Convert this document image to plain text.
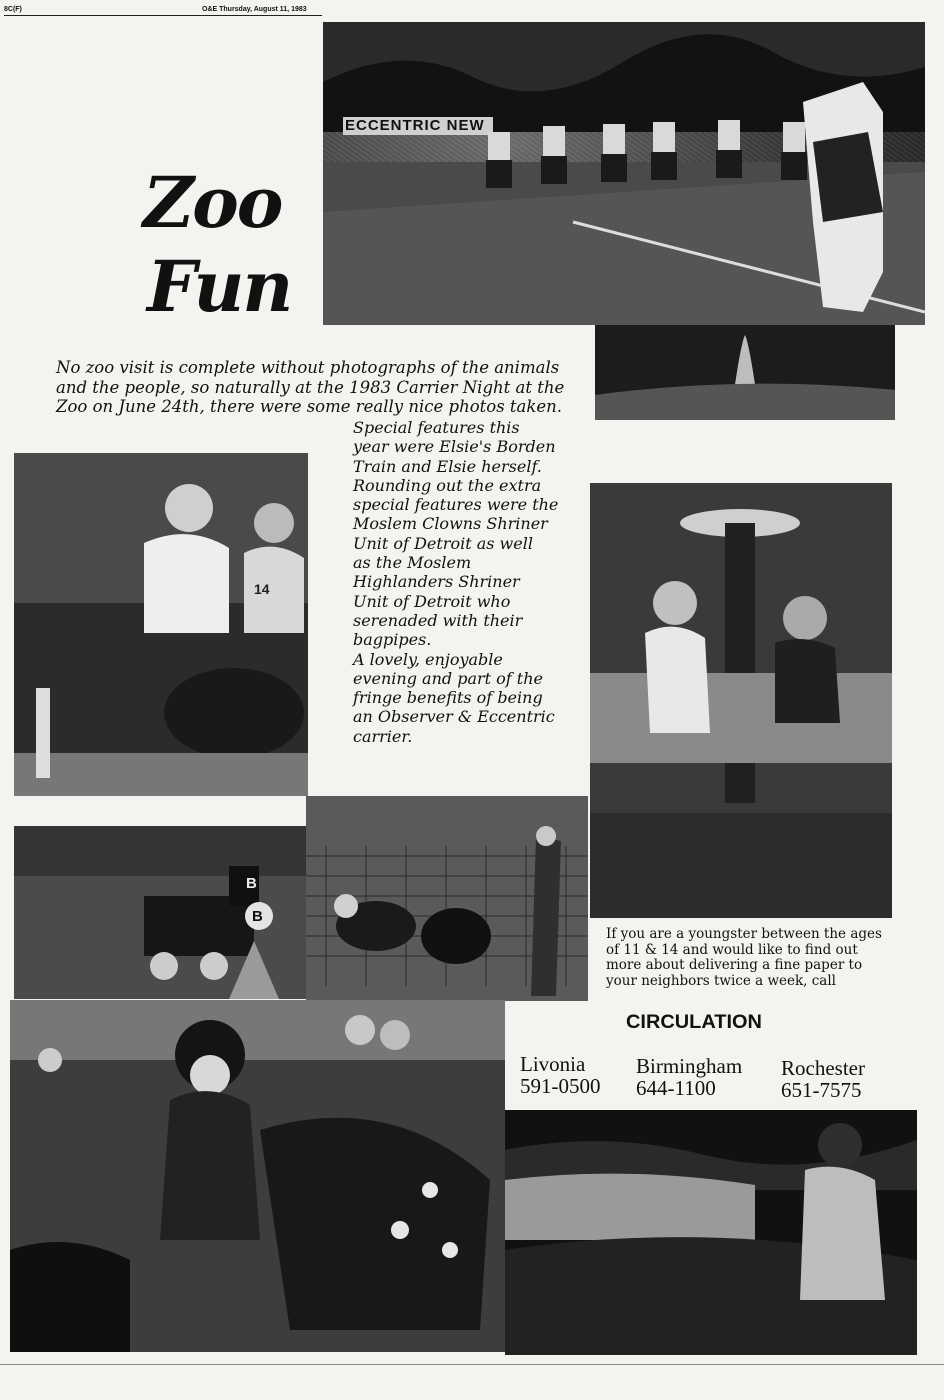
8C(F)	O&E Thursday, August 11, 1983
ECCENTRIC NEW
Zoo
Fun
No zoo visit is complete without photographs of the animals
and the people, so naturally at the 1983 Carrier Night at the
Zoo on June 24th, there were some really nice photos taken.
Special features this
year were Elsie's Borden
Train and Elsie herself.
Rounding out the extra
special features were the
Moslem Clowns Shriner
Unit of Detroit as well
as the Moslem
Highlanders Shriner
Unit of Detroit who
serenaded with their
bagpipes.
A lovely, enjoyable
evening and part of the
fringe benefits of being
an Observer & Eccentric
carrier.
14
B
B
If you are a youngster between the ages
of 11 & 14 and would like to find out
more about delivering a fine paper to
your neighbors twice a week, call
CIRCULATION
Livonia
591-0500
Birmingham
644-1100
Rochester
651-7575
